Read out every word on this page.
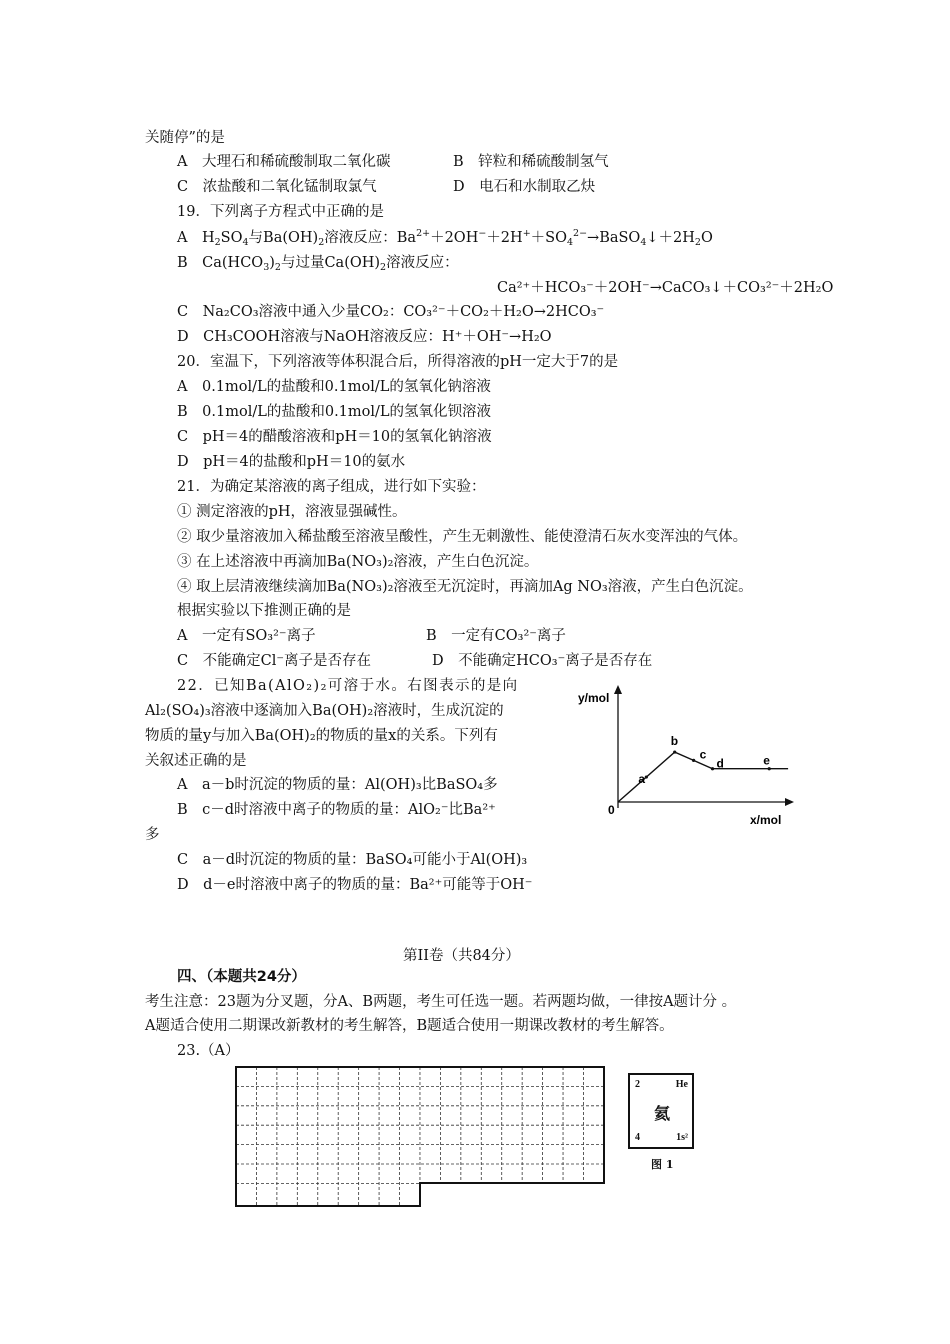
关随停”的是
A　大理石和稀硫酸制取二氧化碳	B　锌粒和稀硫酸制氢气
C　浓盐酸和二氧化锰制取氯气	D　电石和水制取乙炔
19．下列离子方程式中正确的是
A　$H_2SO_4$与$Ba(OH)_2$溶液反应：$Ba^{2+}+2OH^-+2H^++SO_4^{2-}\to BaSO_4↓+2H_2O$
B　$Ca(HCO_3)_2$与过量$Ca(OH)_2$溶液反应：
Ca²⁺＋HCO₃⁻＋2OH⁻→CaCO₃↓＋CO₃²⁻＋2H₂O
C　Na₂CO₃溶液中通入少量CO₂：CO₃²⁻＋CO₂＋H₂O→2HCO₃⁻
D　CH₃COOH溶液与NaOH溶液反应：H⁺＋OH⁻→H₂O
20．室温下，下列溶液等体积混合后，所得溶液的pH一定大于7的是
A　0.1mol/L的盐酸和0.1mol/L的氢氧化钠溶液
B　0.1mol/L的盐酸和0.1mol/L的氢氧化钡溶液
C　pH＝4的醋酸溶液和pH＝10的氢氧化钠溶液
D　pH＝4的盐酸和pH＝10的氨水
21．为确定某溶液的离子组成，进行如下实验：
① 测定溶液的pH，溶液显强碱性。
② 取少量溶液加入稀盐酸至溶液呈酸性，产生无刺激性、能使澄清石灰水变浑浊的气体。
③ 在上述溶液中再滴加Ba(NO₃)₂溶液，产生白色沉淀。
④ 取上层清液继续滴加Ba(NO₃)₂溶液至无沉淀时，再滴加Ag NO₃溶液，产生白色沉淀。
根据实验以下推测正确的是
A　一定有SO₃²⁻离子	B　一定有CO₃²⁻离子
C　不能确定Cl⁻离子是否存在	D　不能确定HCO₃⁻离子是否存在
22．已知Ba(AlO₂)₂可溶于水。右图表示的是向
Al₂(SO₄)₃溶液中逐滴加入Ba(OH)₂溶液时，生成沉淀的
物质的量y与加入Ba(OH)₂的物质的量x的关系。下列有
关叙述正确的是
A　a－b时沉淀的物质的量：Al(OH)₃比BaSO₄多
B　c－d时溶液中离子的物质的量：AlO₂⁻比Ba²⁺
多
C　a－d时沉淀的物质的量：BaSO₄可能小于Al(OH)₃
D　d－e时溶液中离子的物质的量：Ba²⁺可能等于OH⁻
y/mol
x/mol
0
a
b
c
d	e
第II卷（共84分）
四、（本题共24分）
考生注意：23题为分叉题，分A、B两题，考生可任选一题。若两题均做，一律按A题计分 。
A题适合使用二期课改新教材的考生解答，B题适合使用一期课改教材的考生解答。
23.（A）
2	He
氦
4	1s²
图 1
